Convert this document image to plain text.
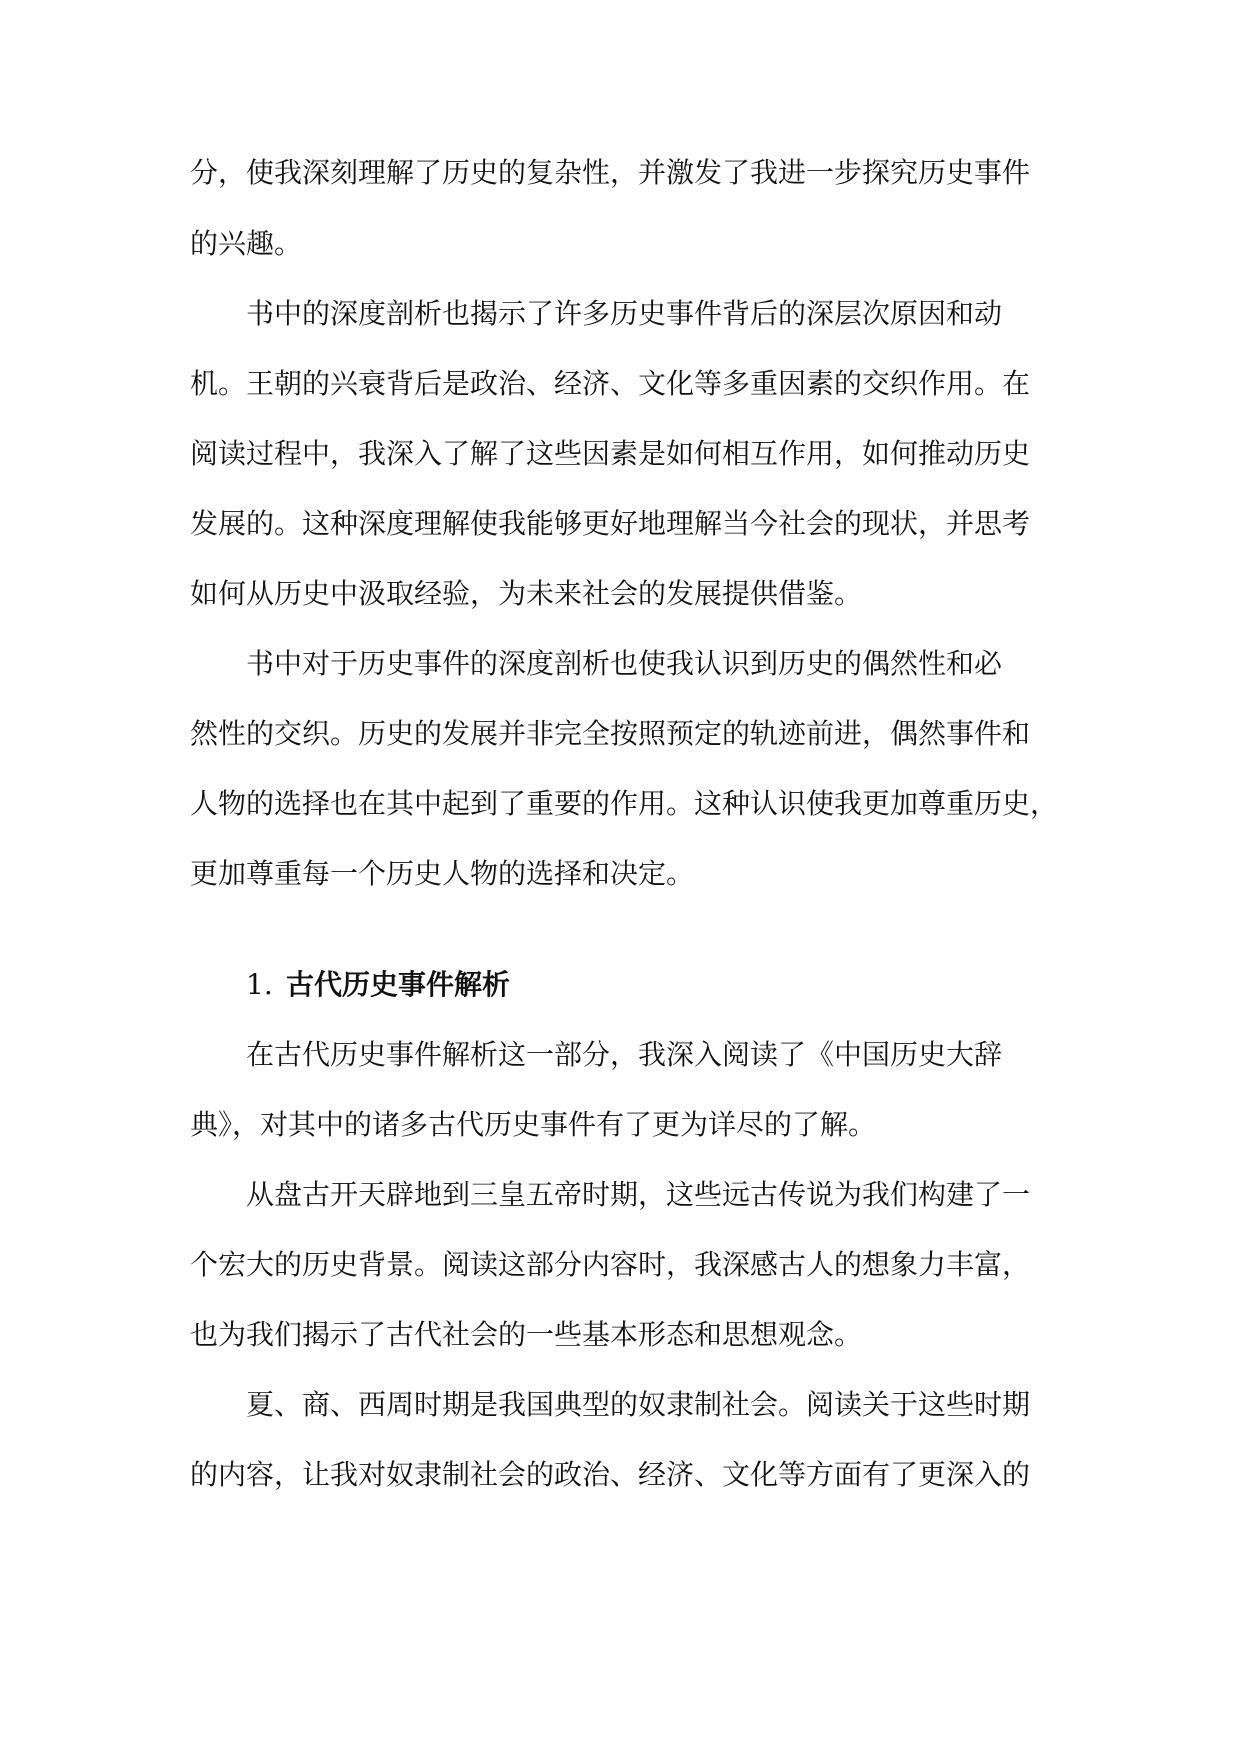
分，使我深刻理解了历史的复杂性，并激发了我进一步探究历史事件
的兴趣。
书中的深度剖析也揭示了许多历史事件背后的深层次原因和动
机。王朝的兴衰背后是政治、经济、文化等多重因素的交织作用。在
阅读过程中，我深入了解了这些因素是如何相互作用，如何推动历史
发展的。这种深度理解使我能够更好地理解当今社会的现状，并思考
如何从历史中汲取经验，为未来社会的发展提供借鉴。
书中对于历史事件的深度剖析也使我认识到历史的偶然性和必
然性的交织。历史的发展并非完全按照预定的轨迹前进，偶然事件和
人物的选择也在其中起到了重要的作用。这种认识使我更加尊重历史，
更加尊重每一个历史人物的选择和决定。
1. 古代历史事件解析
在古代历史事件解析这一部分，我深入阅读了《中国历史大辞
典》，对其中的诸多古代历史事件有了更为详尽的了解。
从盘古开天辟地到三皇五帝时期，这些远古传说为我们构建了一
个宏大的历史背景。阅读这部分内容时，我深感古人的想象力丰富，
也为我们揭示了古代社会的一些基本形态和思想观念。
夏、商、西周时期是我国典型的奴隶制社会。阅读关于这些时期
的内容，让我对奴隶制社会的政治、经济、文化等方面有了更深入的
